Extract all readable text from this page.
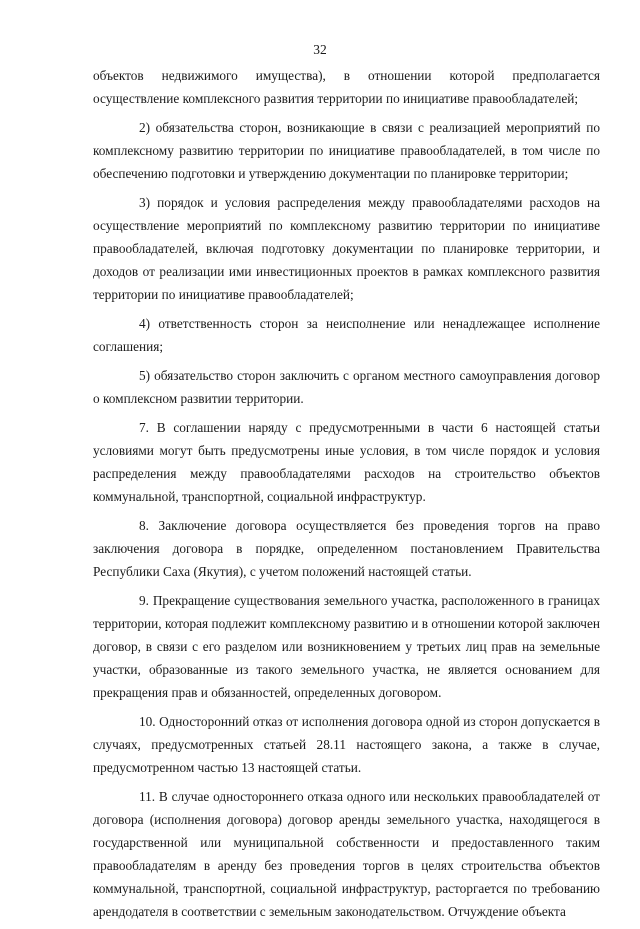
32

объектов недвижимого имущества), в отношении которой предполагается осуществление комплексного развития территории по инициативе правообладателей;

2) обязательства сторон, возникающие в связи с реализацией мероприятий по комплексному развитию территории по инициативе правообладателей, в том числе по обеспечению подготовки и утверждению документации по планировке территории;

3) порядок и условия распределения между правообладателями расходов на осуществление мероприятий по комплексному развитию территории по инициативе правообладателей, включая подготовку документации по планировке территории, и доходов от реализации ими инвестиционных проектов в рамках комплексного развития территории по инициативе правообладателей;

4) ответственность сторон за неисполнение или ненадлежащее исполнение соглашения;

5) обязательство сторон заключить с органом местного самоуправления договор о комплексном развитии территории.

7. В соглашении наряду с предусмотренными в части 6 настоящей статьи условиями могут быть предусмотрены иные условия, в том числе порядок и условия распределения между правообладателями расходов на строительство объектов коммунальной, транспортной, социальной инфраструктур.

8. Заключение договора осуществляется без проведения торгов на право заключения договора в порядке, определенном постановлением Правительства Республики Саха (Якутия), с учетом положений настоящей статьи.

9. Прекращение существования земельного участка, расположенного в границах территории, которая подлежит комплексному развитию и в отношении которой заключен договор, в связи с его разделом или возникновением у третьих лиц прав на земельные участки, образованные из такого земельного участка, не является основанием для прекращения прав и обязанностей, определенных договором.

10. Односторонний отказ от исполнения договора одной из сторон допускается в случаях, предусмотренных статьей 28.11 настоящего закона, а также в случае, предусмотренном частью 13 настоящей статьи.

11. В случае одностороннего отказа одного или нескольких правообладателей от договора (исполнения договора) договор аренды земельного участка, находящегося в государственной или муниципальной собственности и предоставленного таким правообладателям в аренду без проведения торгов в целях строительства объектов коммунальной, транспортной, социальной инфраструктур, расторгается по требованию арендодателя в соответствии с земельным законодательством. Отчуждение объекта
